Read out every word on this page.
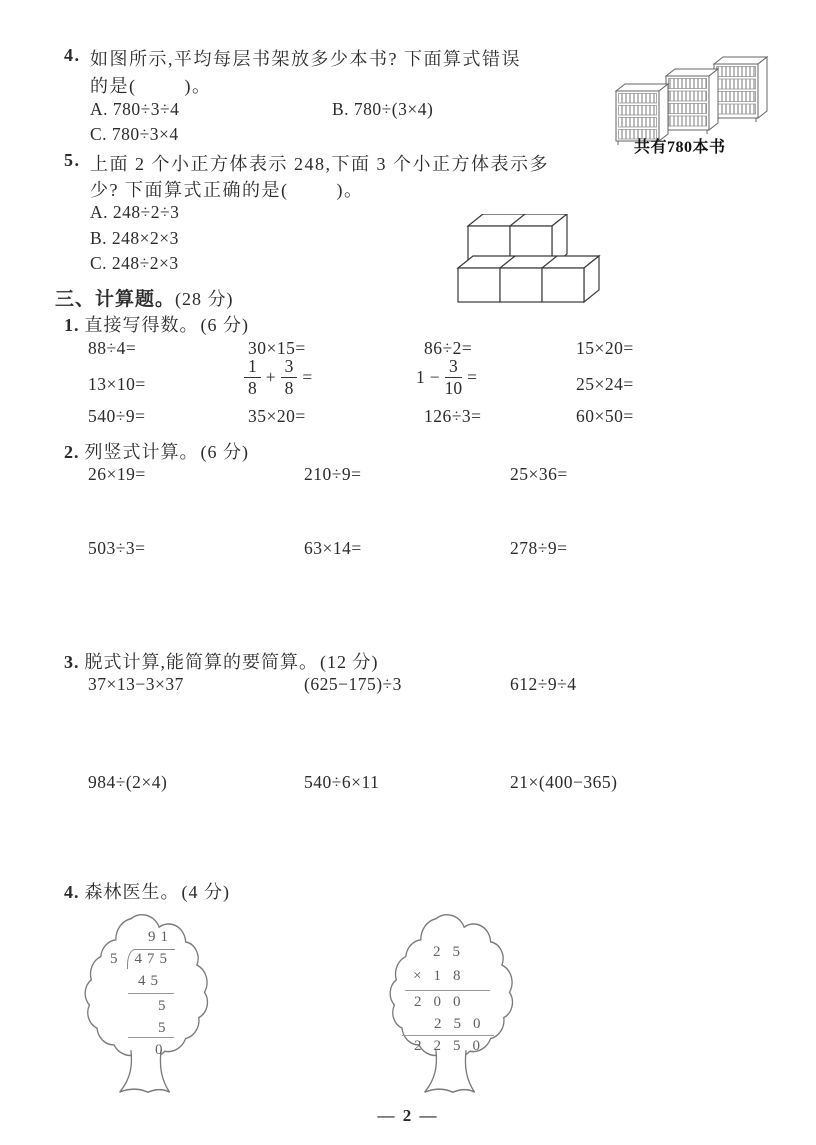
4. 如图所示,平均每层书架放多少本书? 下面算式错误
的是(        )。
A. 780÷3÷4	B. 780÷(3×4)
C. 780÷3×4

共有780本书

5. 上面 2 个小正方体表示 248,下面 3 个小正方体表示多
少? 下面算式正确的是(        )。
A. 248÷2÷3
B. 248×2×3
C. 248÷2×3

三、计算题。(28 分)
1. 直接写得数。 (6 分)
88÷4=	30×15=	86÷2=	15×20=
13×10=	$\frac{1}{8} + \frac{3}{8}$ =	$1 - \frac{3}{10}$ =	25×24=
540÷9=	35×20=	126÷3=	60×50=
2. 列竖式计算。 (6 分)
26×19=	210÷9=	25×36=
503÷3=	63×14=	278÷9=
3. 脱式计算,能简算的要简算。 (12 分)
37×13−3×37	(625−175)÷3	612÷9÷4
984÷(2×4)	540÷6×11	21×(400−365)
4. 森林医生。 (4 分)
91
5 475
45
5
5
0
25
×18
200
250
2250
— 2 —
